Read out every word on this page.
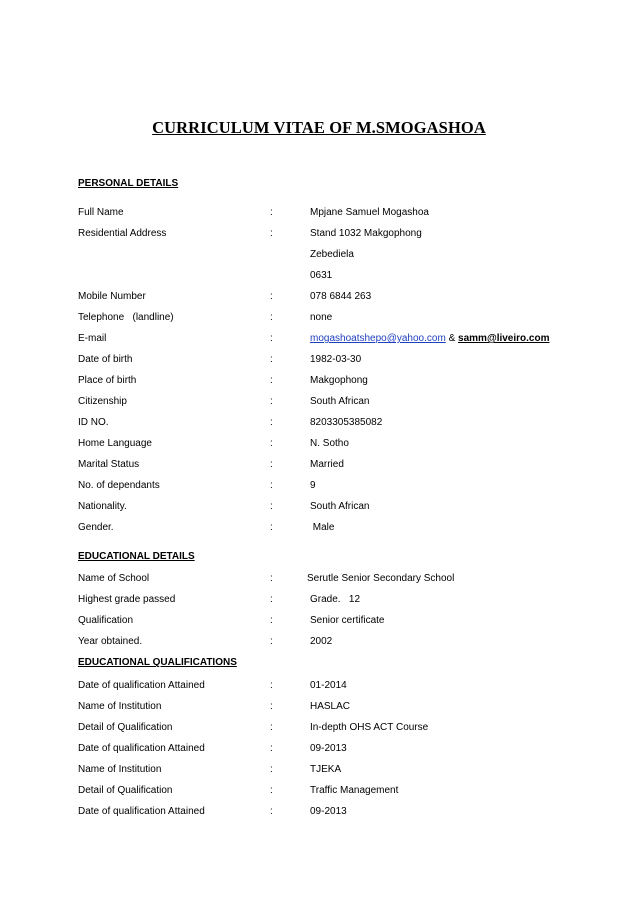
CURRICULUM VITAE OF M.SMOGASHOA
PERSONAL DETAILS
Full Name	:	Mpjane Samuel Mogashoa
Residential Address	:	Stand 1032 Makgophong
Zebediela
0631
Mobile Number	:	078 6844 263
Telephone   (landline)	:	none
E-mail	:	mogashoatshepo@yahoo.com & samm@liveiro.com
Date of birth	:	1982-03-30
Place of birth	:	Makgophong
Citizenship	:	South African
ID NO.	:	8203305385082
Home Language	:	N. Sotho
Marital Status	:	Married
No. of dependants	:	9
Nationality.	:	South African
Gender.	:	Male
EDUCATIONAL DETAILS
Name of School	:	Serutle Senior Secondary School
Highest grade passed	:	Grade.   12
Qualification	:	Senior certificate
Year obtained.	:	2002
EDUCATIONAL QUALIFICATIONS
Date of qualification Attained	:	01-2014
Name of Institution	:	HASLAC
Detail of Qualification	:	In-depth OHS ACT Course
Date of qualification Attained	:	09-2013
Name of Institution	:	TJEKA
Detail of Qualification	:	Traffic Management
Date of qualification Attained	:	09-2013
